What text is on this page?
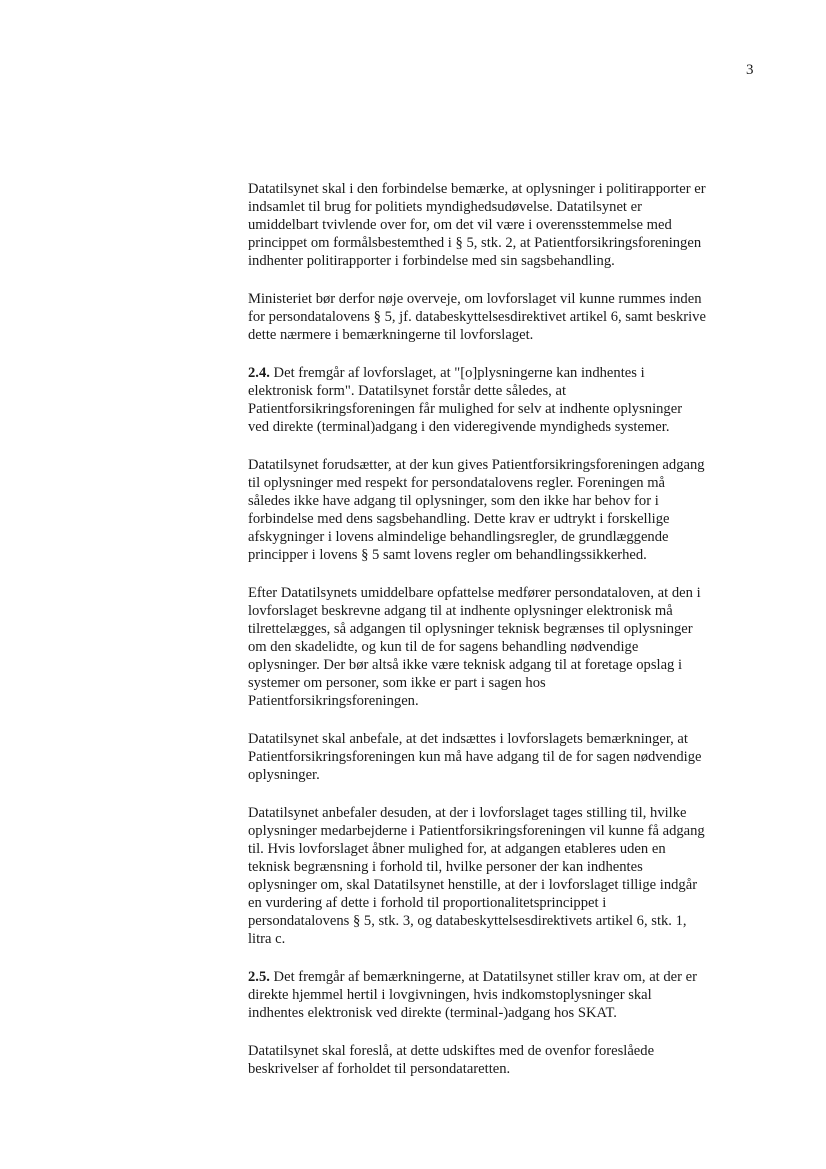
3

Datatilsynet skal i den forbindelse bemærke, at oplysninger i politirapporter er
indsamlet til brug for politiets myndighedsudøvelse. Datatilsynet er
umiddelbart tvivlende over for, om det vil være i overensstemmelse med
princippet om formålsbestemthed i § 5, stk. 2, at Patientforsikringsforeningen
indhenter politirapporter i forbindelse med sin sagsbehandling.

Ministeriet bør derfor nøje overveje, om lovforslaget vil kunne rummes inden
for persondatalovens § 5, jf. databeskyttelsesdirektivet artikel 6, samt beskrive
dette nærmere i bemærkningerne til lovforslaget.

2.4. Det fremgår af lovforslaget, at "[o]plysningerne kan indhentes i
elektronisk form". Datatilsynet forstår dette således, at
Patientforsikringsforeningen får mulighed for selv at indhente oplysninger
ved direkte (terminal)adgang i den videregivende myndigheds systemer.

Datatilsynet forudsætter, at der kun gives Patientforsikringsforeningen adgang
til oplysninger med respekt for persondatalovens regler. Foreningen må
således ikke have adgang til oplysninger, som den ikke har behov for i
forbindelse med dens sagsbehandling. Dette krav er udtrykt i forskellige
afskygninger i lovens almindelige behandlingsregler, de grundlæggende
principper i lovens § 5 samt lovens regler om behandlingssikkerhed.

Efter Datatilsynets umiddelbare opfattelse medfører persondataloven, at den i
lovforslaget beskrevne adgang til at indhente oplysninger elektronisk må
tilrettelægges, så adgangen til oplysninger teknisk begrænses til oplysninger
om den skadelidte, og kun til de for sagens behandling nødvendige
oplysninger. Der bør altså ikke være teknisk adgang til at foretage opslag i
systemer om personer, som ikke er part i sagen hos
Patientforsikringsforeningen.

Datatilsynet skal anbefale, at det indsættes i lovforslagets bemærkninger, at
Patientforsikringsforeningen kun må have adgang til de for sagen nødvendige
oplysninger.

Datatilsynet anbefaler desuden, at der i lovforslaget tages stilling til, hvilke
oplysninger medarbejderne i Patientforsikringsforeningen vil kunne få adgang
til. Hvis lovforslaget åbner mulighed for, at adgangen etableres uden en
teknisk begrænsning i forhold til, hvilke personer der kan indhentes
oplysninger om, skal Datatilsynet henstille, at der i lovforslaget tillige indgår
en vurdering af dette i forhold til proportionalitetsprincippet i
persondatalovens § 5, stk. 3, og databeskyttelsesdirektivets artikel 6, stk. 1,
litra c.

2.5. Det fremgår af bemærkningerne, at Datatilsynet stiller krav om, at der er
direkte hjemmel hertil i lovgivningen, hvis indkomstoplysninger skal
indhentes elektronisk ved direkte (terminal-)adgang hos SKAT.

Datatilsynet skal foreslå, at dette udskiftes med de ovenfor foreslåede
beskrivelser af forholdet til persondataretten.
